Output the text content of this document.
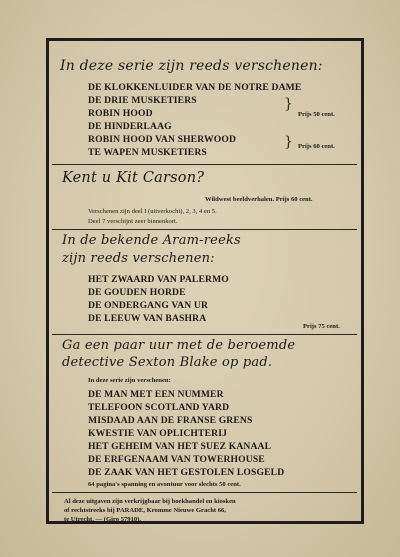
In deze serie zijn reeds verschenen:
DE KLOKKENLUIDER VAN DE NOTRE DAME
DE DRIE MUSKETIERS
ROBIN HOOD
DE HINDERLAAG
ROBIN HOOD VAN SHERWOOD
TE WAPEN MUSKETIERS
}
}
Prijs 50 cent.
Prijs 60 cent.
Kent u Kit Carson?
Wildwest beeldverhalen. Prijs 60 cent.
Verschenen zijn deel I (uitverkocht), 2, 3, 4 en 5.
Deel 7 verschijnt zeer binnenkort.
In de bekende Aram-reeks
zijn reeds verschenen:
HET ZWAARD VAN PALERMO
DE GOUDEN HORDE
DE ONDERGANG VAN UR
DE LEEUW VAN BASHRA
Prijs 75 cent.
Ga een paar uur met de beroemde
detective Sexton Blake op pad.
In deze serie zijn verschenen:
DE MAN MET EEN NUMMER
TELEFOON SCOTLAND YARD
MISDAAD AAN DE FRANSE GRENS
KWESTIE VAN OPLICHTERIJ
HET GEHEIM VAN HET SUEZ KANAAL
DE ERFGENAAM VAN TOWERHOUSE
DE ZAAK VAN HET GESTOLEN LOSGELD
64 pagina's spanning en avontuur voor slechts 50 cent.
Al deze uitgaven zijn verkrijgbaar bij boekhandel en kiosken
of rechtstreeks bij PARADE, Kromme Nieuwe Gracht 66,
te Utrecht. — (Giro 57910).
